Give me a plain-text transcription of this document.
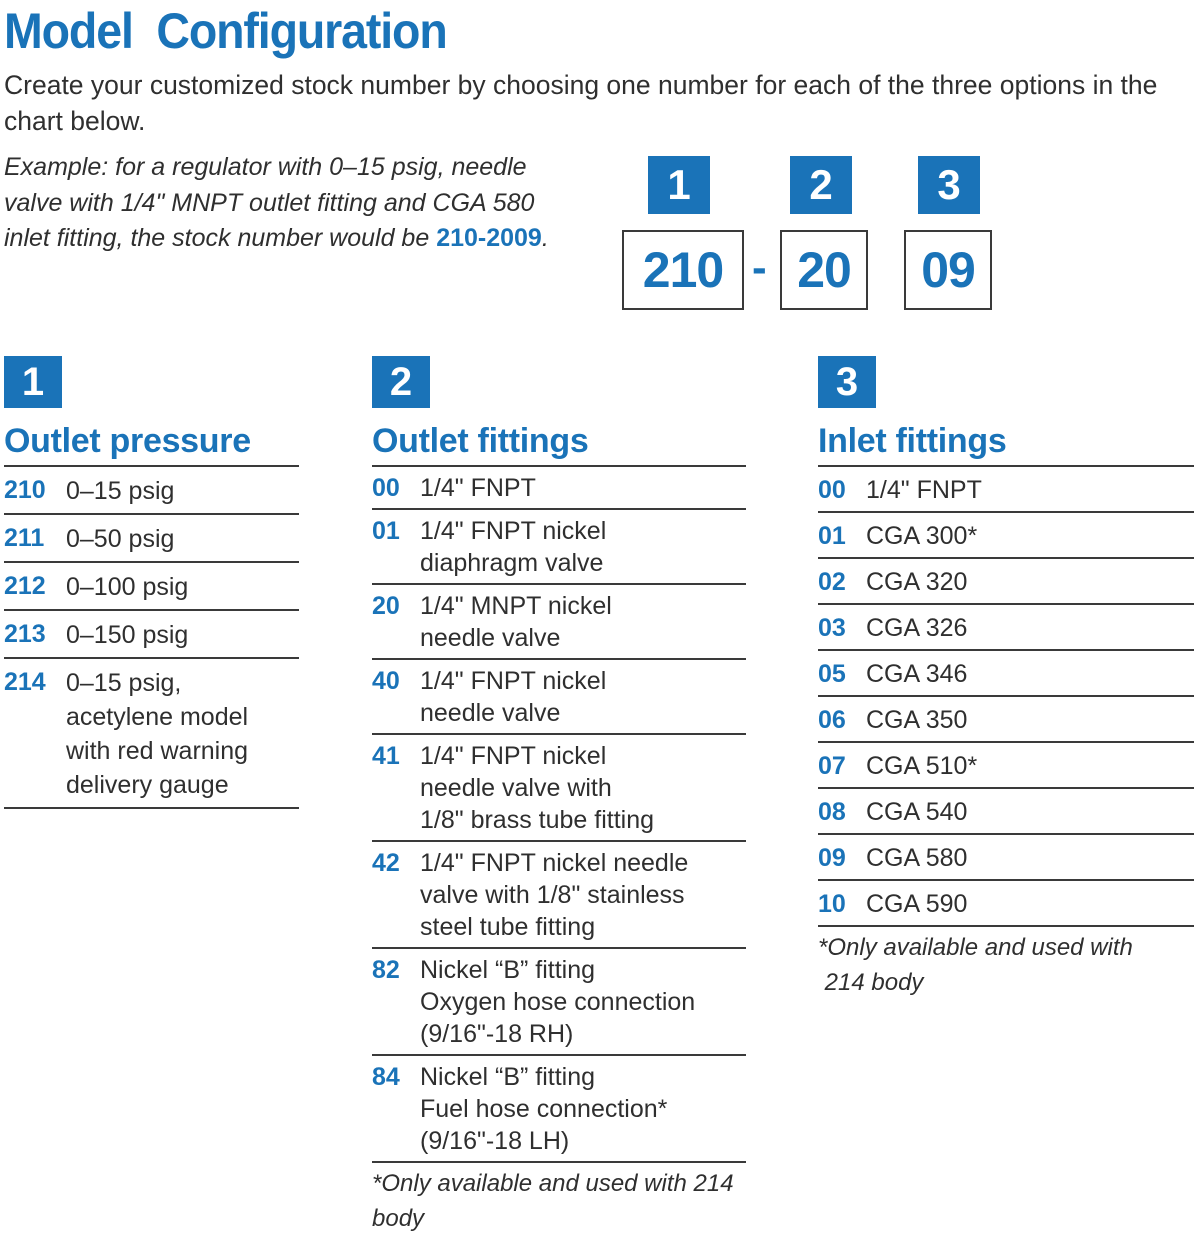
Model  Configuration

Create your customized stock number by choosing one number for each of the three options in the chart below.

Example: for a regulator with 0–15 psig, needle valve with 1/4" MNPT outlet fitting and CGA 580 inlet fitting, the stock number would be 210-2009.

1	2	3
210 - 20	09
1
Outlet pressure
210 0–15 psig
211 0–50 psig
212 0–100 psig
213 0–150 psig
214 0–15 psig,
acetylene model
with red warning
delivery gauge
2
Outlet fittings
00 1/4" FNPT
01 1/4" FNPT nickel
diaphragm valve
20 1/4" MNPT nickel
needle valve
40 1/4" FNPT nickel
needle valve
41 1/4" FNPT nickel
needle valve with
1/8" brass tube fitting
42 1/4" FNPT nickel needle
valve with 1/8" stainless
steel tube fitting
82 Nickel “B” fitting
Oxygen hose connection
(9/16"-18 RH)
84 Nickel “B” fitting
Fuel hose connection*
(9/16"-18 LH)
*Only available and used with 214 body
3
Inlet fittings
00 1/4" FNPT
01 CGA 300*
02 CGA 320
03 CGA 326
05 CGA 346
06 CGA 350
07 CGA 510*
08 CGA 540
09 CGA 580
10 CGA 590
*Only available and used with
214 body
